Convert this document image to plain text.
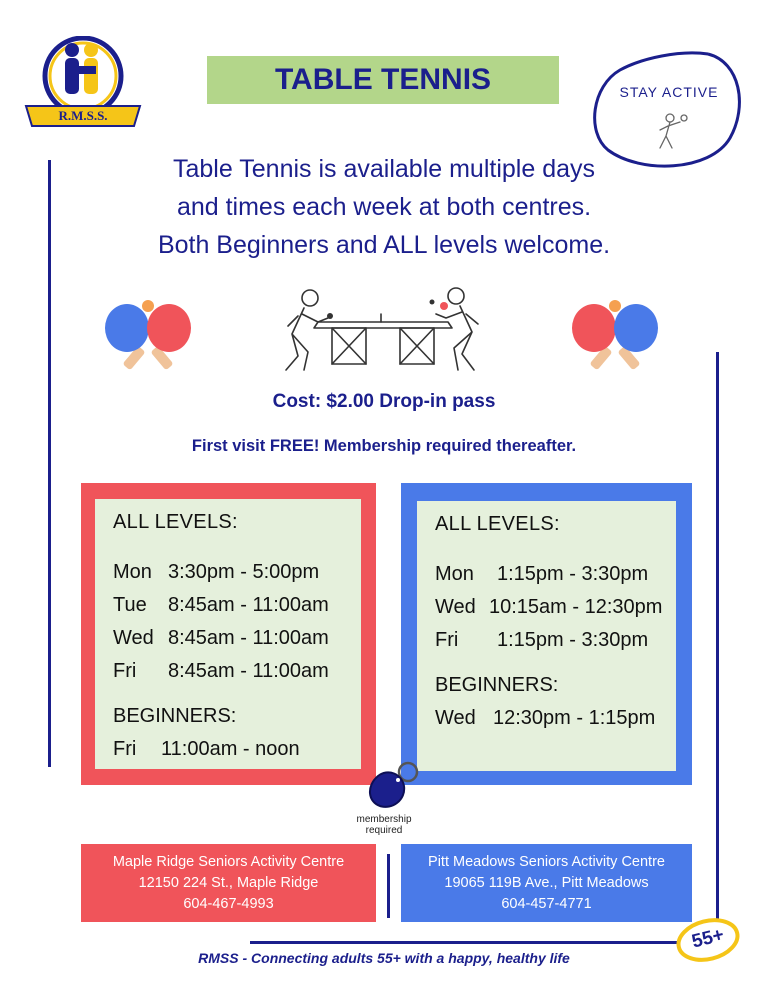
R.M.S.S.
TABLE TENNIS	STAY ACTIVE
Table Tennis is available multiple days
and times each week at both centres.
Both Beginners and ALL levels welcome.
Cost: $2.00 Drop-in pass
First visit FREE! Membership required thereafter.
ALL LEVELS:
Mon 3:30pm - 5:00pm
Tue	8:45am - 11:00am
Wed 8:45am - 11:00am
Fri	8:45am - 11:00am
BEGINNERS:
Fri	11:00am - noon
ALL LEVELS:
Mon	1:15pm - 3:30pm
Wed 10:15am - 12:30pm
Fri	1:15pm - 3:30pm
BEGINNERS:
Wed 12:30pm - 1:15pm
membership
required
Maple Ridge Seniors Activity Centre
12150 224 St., Maple Ridge
604-467-4993
Pitt Meadows Seniors Activity Centre
19065 119B Ave., Pitt Meadows
604-457-4771
55+
RMSS - Connecting adults 55+ with a happy, healthy life
